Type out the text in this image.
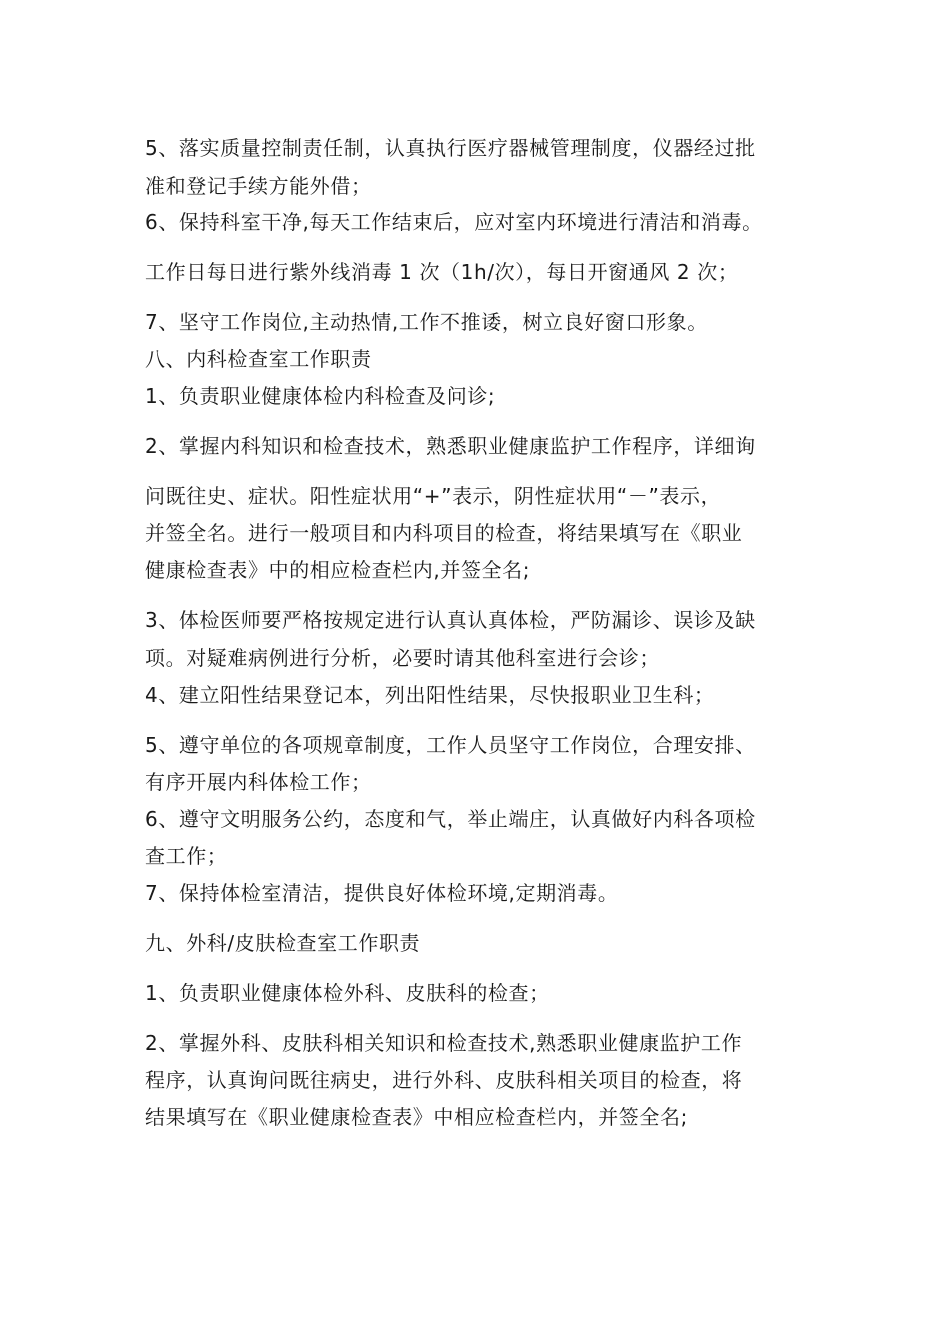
5、落实质量控制责任制，认真执行医疗器械管理制度，仪器经过批
准和登记手续方能外借；
6、保持科室干净,每天工作结束后，应对室内环境进行清洁和消毒。
工作日每日进行紫外线消毒 1 次（1h/次），每日开窗通风 2 次；
7、坚守工作岗位,主动热情,工作不推诿，树立良好窗口形象。
八、内科检查室工作职责
1、负责职业健康体检内科检查及问诊;
2、掌握内科知识和检查技术，熟悉职业健康监护工作程序，详细询
问既往史、症状。阳性症状用“+”表示，阴性症状用“－”表示，
并签全名。进行一般项目和内科项目的检查，将结果填写在《职业
健康检查表》中的相应检查栏内,并签全名;
3、体检医师要严格按规定进行认真认真体检，严防漏诊、误诊及缺
项。对疑难病例进行分析，必要时请其他科室进行会诊；
4、建立阳性结果登记本，列出阳性结果，尽快报职业卫生科；
5、遵守单位的各项规章制度，工作人员坚守工作岗位，合理安排、
有序开展内科体检工作；
6、遵守文明服务公约，态度和气，举止端庄，认真做好内科各项检
查工作；
7、保持体检室清洁，提供良好体检环境,定期消毒。
九、外科/皮肤检查室工作职责
1、负责职业健康体检外科、皮肤科的检查；
2、掌握外科、皮肤科相关知识和检查技术,熟悉职业健康监护工作
程序，认真询问既往病史，进行外科、皮肤科相关项目的检查，将
结果填写在《职业健康检查表》中相应检查栏内，并签全名;
